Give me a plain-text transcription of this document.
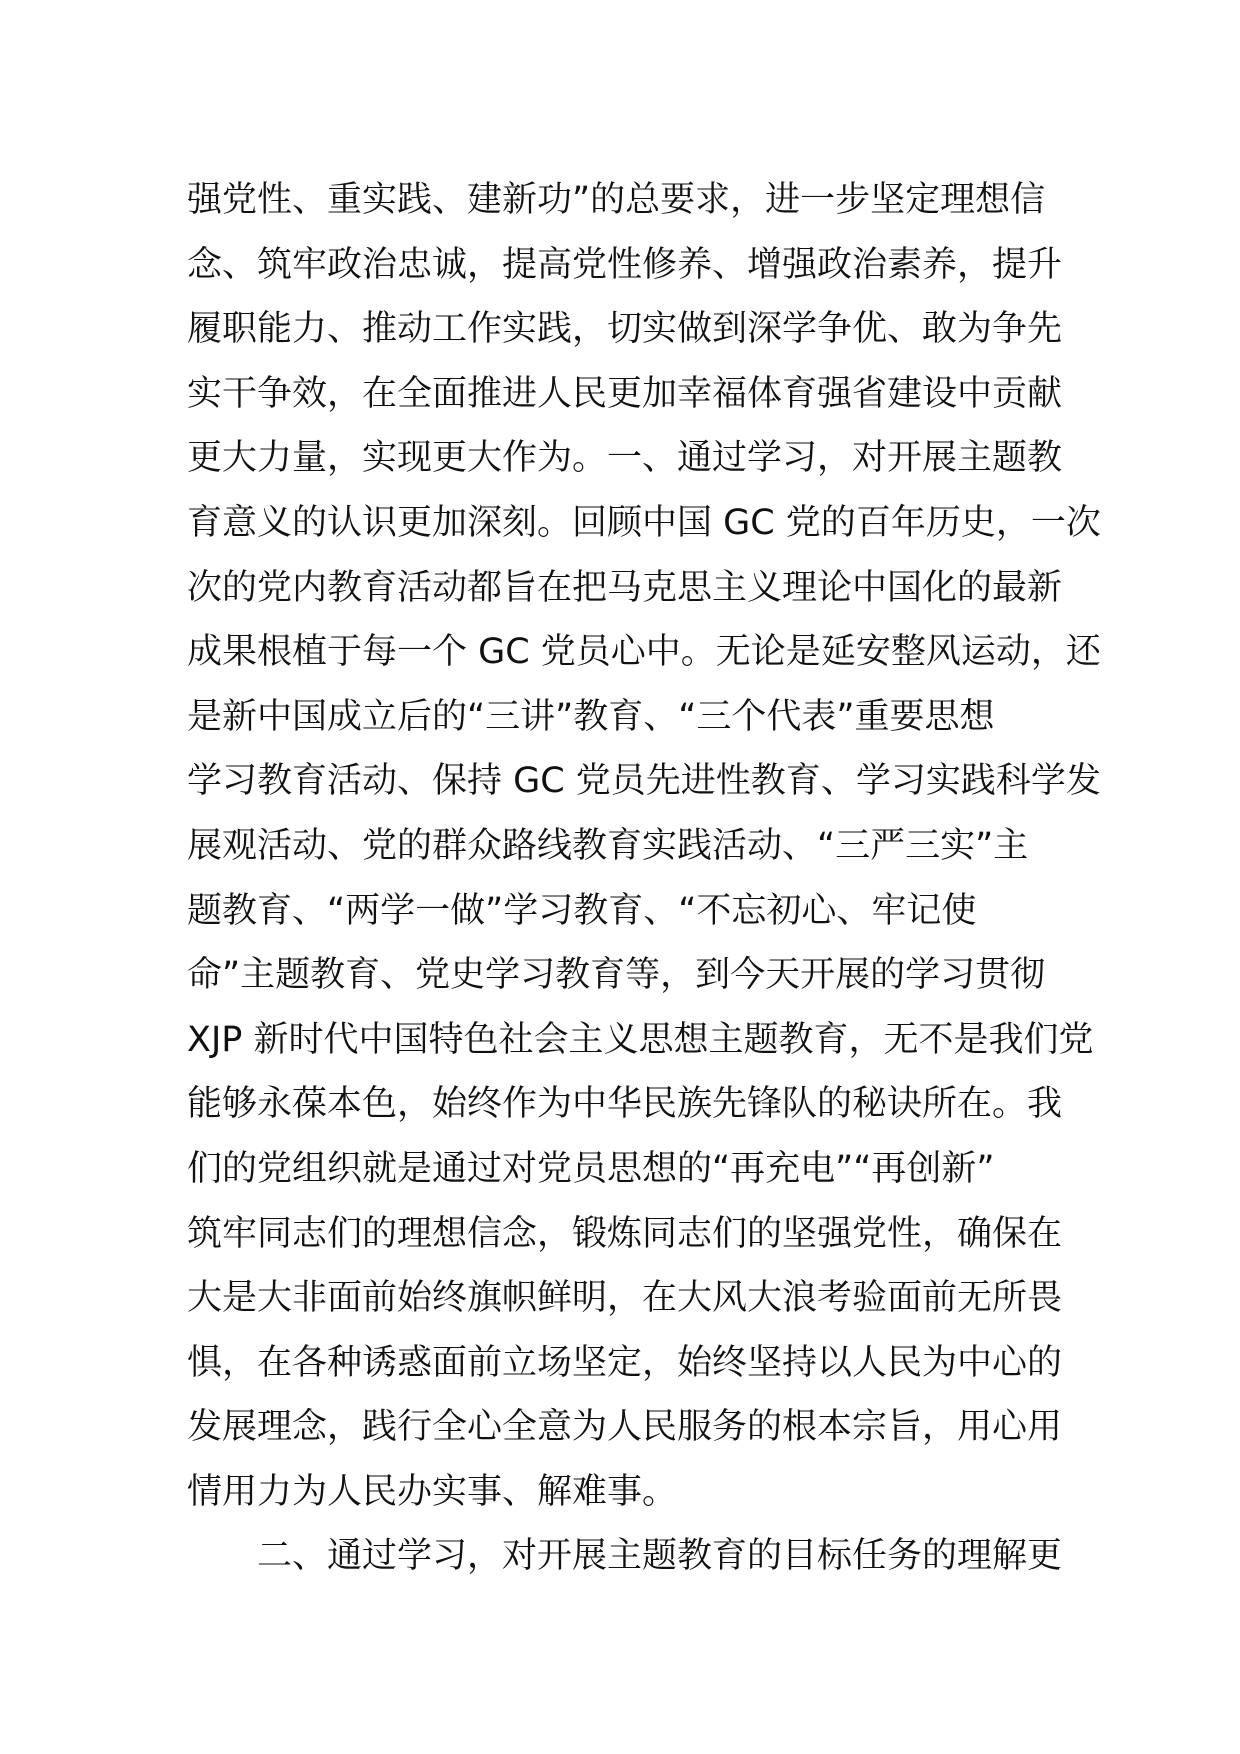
强党性、重实践、建新功”的总要求，进一步坚定理想信
念、筑牢政治忠诚，提高党性修养、增强政治素养，提升
履职能力、推动工作实践，切实做到深学争优、敢为争先
实干争效，在全面推进人民更加幸福体育强省建设中贡献
更大力量，实现更大作为。一、通过学习，对开展主题教
育意义的认识更加深刻。回顾中国 GC 党的百年历史，一次
次的党内教育活动都旨在把马克思主义理论中国化的最新
成果根植于每一个 GC 党员心中。无论是延安整风运动，还
是新中国成立后的“三讲”教育、“三个代表”重要思想
学习教育活动、保持 GC 党员先进性教育、学习实践科学发
展观活动、党的群众路线教育实践活动、“三严三实”主
题教育、“两学一做”学习教育、“不忘初心、牢记使
命”主题教育、党史学习教育等，到今天开展的学习贯彻
XJP 新时代中国特色社会主义思想主题教育，无不是我们党
能够永葆本色，始终作为中华民族先锋队的秘诀所在。我
们的党组织就是通过对党员思想的“再充电”“再创新”
筑牢同志们的理想信念，锻炼同志们的坚强党性，确保在
大是大非面前始终旗帜鲜明，在大风大浪考验面前无所畏
惧，在各种诱惑面前立场坚定，始终坚持以人民为中心的
发展理念，践行全心全意为人民服务的根本宗旨，用心用
情用力为人民办实事、解难事。
二、通过学习，对开展主题教育的目标任务的理解更
